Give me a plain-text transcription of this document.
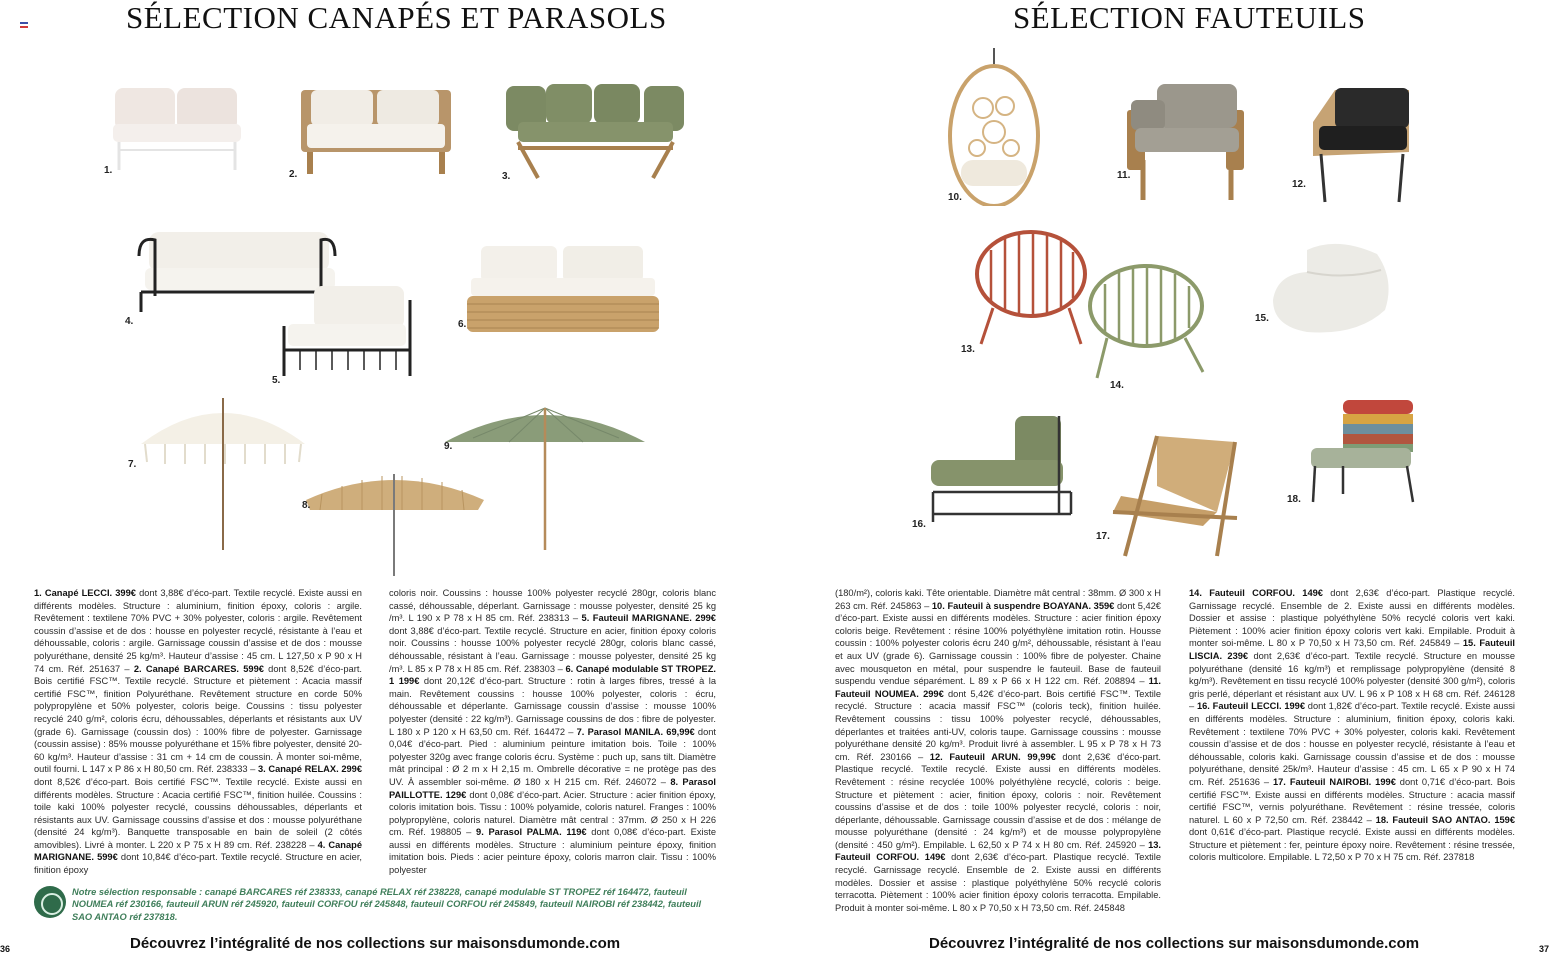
SÉLECTION CANAPÉS ET PARASOLS
1.	2.	3.
4.
5.
6.
7.
8.
9.
1. Canapé LECCI. 399€ dont 3,88€ d’éco-part. Textile recyclé. Existe aussi en différents modèles. Structure : aluminium, finition époxy, coloris : argile. Revêtement : textilene 70% PVC + 30% polyester, coloris : argile. Revêtement coussin d’assise et de dos : housse en polyester recyclé, résistante à l’eau et déhoussable, coloris : argile. Garnissage coussin d’assise et de dos : mousse polyuréthane, densité 25 kg/m³. Hauteur d’assise : 45 cm. L 127,50 x P 90 x H 74 cm. Réf. 251637 – 2. Canapé BARCARES. 599€ dont 8,52€ d’éco-part. Bois certifié FSC™. Textile recyclé. Structure et piètement : Acacia massif certifié FSC™, finition Polyuréthane. Revêtement structure en corde 50% polypropylène et 50% polyester, coloris beige. Coussins : tissu polyester recyclé 240 g/m², coloris écru, déhoussables, déperlants et résistants aux UV (grade 6). Garnissage (coussin dos) : 100% fibre de polyester. Garnissage (coussin assise) : 85% mousse polyuréthane et 15% fibre polyester, densité 20-60 kg/m³. Hauteur d’assise : 31 cm + 14 cm de coussin. À monter soi-même, outil fourni. L 147 x P 86 x H 80,50 cm. Réf. 238333 – 3. Canapé RELAX. 299€ dont 8,52€ d’éco-part. Bois certifié FSC™. Textile recyclé. Existe aussi en différents modèles. Structure : Acacia certifié FSC™, finition huilée. Coussins : toile kaki 100% polyester recyclé, coussins déhoussables, déperlants et résistants aux UV. Garnissage coussins d’assise et dos : mousse polyuréthane (densité 24 kg/m³). Banquette transposable en bain de soleil (2 côtés amovibles). Livré à monter. L 220 x P 75 x H 89 cm. Réf. 238228 – 4. Canapé MARIGNANE. 599€ dont 10,84€ d’éco-part. Textile recyclé. Structure en acier, finition époxy
coloris noir. Coussins : housse 100% polyester recyclé 280gr, coloris blanc cassé, déhoussable, déperlant. Garnissage : mousse polyester, densité 25 kg /m³. L 190 x P 78 x H 85 cm. Réf. 238313 – 5. Fauteuil MARIGNANE. 299€ dont 3,88€ d’éco-part. Textile recyclé. Structure en acier, finition époxy coloris noir. Coussins : housse 100% polyester recyclé 280gr, coloris blanc cassé, déhoussable, résistant à l’eau. Garnissage : mousse polyester, densité 25 kg /m³. L 85 x P 78 x H 85 cm. Réf. 238303 – 6. Canapé modulable ST TROPEZ. 1 199€ dont 20,12€ d’éco-part. Structure : rotin à larges fibres, tressé à la main. Revêtement coussins : housse 100% polyester, coloris : écru, déhoussable et déperlante. Garnissage coussin d’assise : mousse 100% polyester (densité : 22 kg/m³). Garnissage coussins de dos : fibre de polyester. L 180 x P 120 x H 63,50 cm. Réf. 164472 – 7. Parasol MANILA. 69,99€ dont 0,04€ d’éco-part. Pied : aluminium peinture imitation bois. Toile : 100% polyester 320g avec frange coloris écru. Système : puch up, sans tilt. Diamètre mât principal : Ø 2 m x H 2,15 m. Ombrelle décorative = ne protège pas des UV. À assembler soi-même. Ø 180 x H 215 cm. Réf. 246072 – 8. Parasol PAILLOTTE. 129€ dont 0,08€ d’éco-part. Acier. Structure : acier finition époxy, coloris imitation bois. Tissu : 100% polyamide, coloris naturel. Franges : 100% polypropylène, coloris naturel. Diamètre mât central : 37mm. Ø 250 x H 226 cm. Réf. 198805 – 9. Parasol PALMA. 119€ dont 0,08€ d’éco-part. Existe aussi en différents modèles. Structure : aluminium peinture époxy, finition imitation bois. Pieds : acier peinture époxy, coloris marron clair. Tissu : 100% polyester
Notre sélection responsable : canapé BARCARES réf 238333, canapé RELAX réf 238228, canapé modulable ST TROPEZ réf 164472, fauteuil NOUMEA réf 230166, fauteuil ARUN réf 245920, fauteuil CORFOU réf 245848, fauteuil CORFOU réf 245849, fauteuil NAIROBI réf 238442, fauteuil SAO ANTAO réf 237818.
36	Découvrez l’intégralité de nos collections sur maisonsdumonde.com
SÉLECTION FAUTEUILS
10.
11.
12.
13.
14.
15.
16.
17.
18.
(180/m²), coloris kaki. Tête orientable. Diamètre mât central : 38mm. Ø 300 x H 263 cm. Réf. 245863 – 10. Fauteuil à suspendre BOAYANA. 359€ dont 5,42€ d’éco-part. Existe aussi en différents modèles. Structure : acier finition époxy coloris beige. Revêtement : résine 100% polyéthylène imitation rotin. Housse coussin : 100% polyester coloris écru 240 g/m², déhoussable, résistant à l’eau et aux UV (grade 6). Garnissage coussin : 100% fibre de polyester. Chaine avec mousqueton en métal, pour suspendre le fauteuil. Base de fauteuil suspendu vendue séparément. L 89 x P 66 x H 122 cm. Réf. 208894 – 11. Fauteuil NOUMEA. 299€ dont 5,42€ d’éco-part. Bois certifié FSC™. Textile recyclé. Structure : acacia massif FSC™ (coloris teck), finition huilée. Revêtement coussins : tissu 100% polyester recyclé, déhoussables, déperlantes et traitées anti-UV, coloris taupe. Garnissage coussins : mousse polyuréthane densité 20 kg/m³. Produit livré à assembler. L 95 x P 78 x H 73 cm. Réf. 230166 – 12. Fauteuil ARUN. 99,99€ dont 2,63€ d’éco-part. Plastique recyclé. Textile recyclé. Existe aussi en différents modèles. Revêtement : résine recyclée 100% polyéthylène recyclé, coloris : beige. Structure et piètement : acier, finition époxy, coloris : noir. Revêtement coussins d’assise et de dos : toile 100% polyester recyclé, coloris : noir, déperlante, déhoussable. Garnissage coussin d’assise et de dos : mélange de mousse polyuréthane (densité : 24 kg/m³) et de mousse polypropylène (densité : 450 g/m²). Empilable. L 62,50 x P 74 x H 80 cm. Réf. 245920 – 13. Fauteuil CORFOU. 149€ dont 2,63€ d’éco-part. Plastique recyclé. Textile recyclé. Garnissage recyclé. Ensemble de 2. Existe aussi en différents modèles. Dossier et assise : plastique polyéthylène 50% recyclé coloris terracotta. Piètement : 100% acier finition époxy coloris terracotta. Empilable. Produit à monter soi-même. L 80 x P 70,50 x H 73,50 cm. Réf. 245848
14. Fauteuil CORFOU. 149€ dont 2,63€ d’éco-part. Plastique recyclé. Garnissage recyclé. Ensemble de 2. Existe aussi en différents modèles. Dossier et assise : plastique polyéthylène 50% recyclé coloris vert kaki. Piètement : 100% acier finition époxy coloris vert kaki. Empilable. Produit à monter soi-même. L 80 x P 70,50 x H 73,50 cm. Réf. 245849 – 15. Fauteuil LISCIA. 239€ dont 2,63€ d’éco-part. Textile recyclé. Structure en mousse polyuréthane (densité 16 kg/m³) et remplissage polypropylène (densité 8 kg/m³). Revêtement en tissu recyclé 100% polyester (densité 300 g/m²), coloris gris perlé, déperlant et résistant aux UV. L 96 x P 108 x H 68 cm. Réf. 246128 – 16. Fauteuil LECCI. 199€ dont 1,82€ d’éco-part. Textile recyclé. Existe aussi en différents modèles. Structure : aluminium, finition époxy, coloris kaki. Revêtement : textilene 70% PVC + 30% polyester, coloris kaki. Revêtement coussin d’assise et de dos : housse en polyester recyclé, résistante à l’eau et déhoussable, coloris kaki. Garnissage coussin d’assise et de dos : mousse polyuréthane, densité 25k/m³. Hauteur d’assise : 45 cm. L 65 x P 90 x H 74 cm. Réf. 251636 – 17. Fauteuil NAIROBI. 199€ dont 0,71€ d’éco-part. Bois certifié FSC™. Existe aussi en différents modèles. Structure : acacia massif certifié FSC™, vernis polyuréthane. Revêtement : résine tressée, coloris naturel. L 60 x P 72,50 cm. Réf. 238442 – 18. Fauteuil SAO ANTAO. 159€ dont 0,61€ d’éco-part. Plastique recyclé. Existe aussi en différents modèles. Structure et piètement : fer, peinture époxy noire. Revêtement : résine tressée, coloris multicolore. Empilable. L 72,50 x P 70 x H 75 cm. Réf. 237818
Découvrez l’intégralité de nos collections sur maisonsdumonde.com	37
